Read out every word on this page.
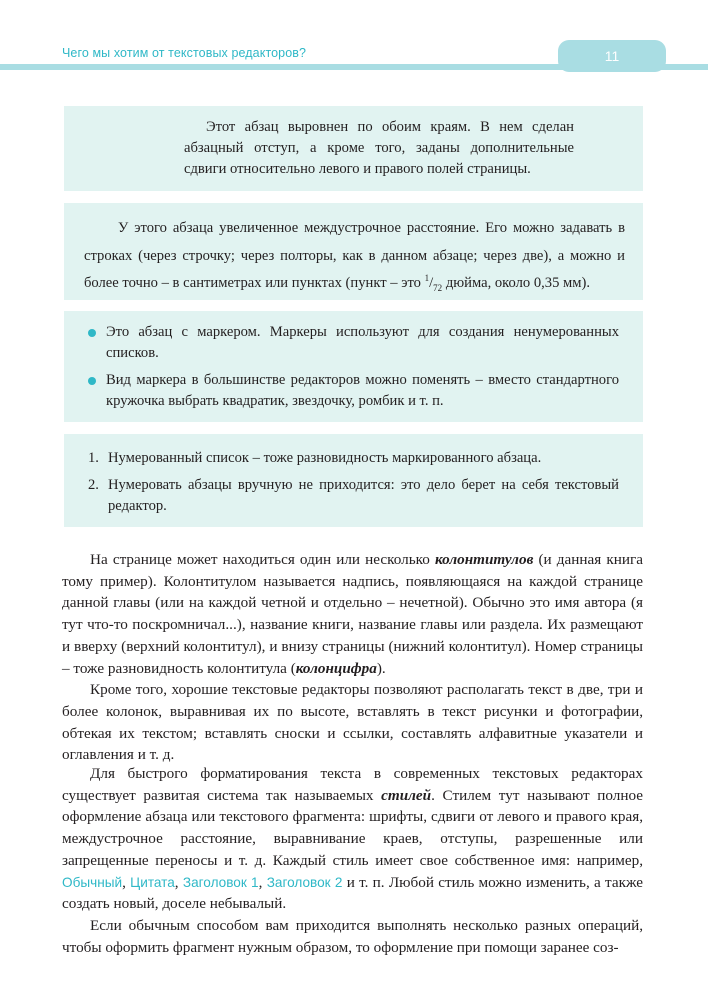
Чего мы хотим от текстовых редакторов?	11

Этот абзац выровнен по обоим краям. В нем сделан абзацный отступ, а кроме того, заданы дополнительные сдвиги относительно левого и правого полей страницы.

У этого абзаца увеличенное междустрочное расстояние. Его можно задавать в строках (через строчку; через полторы, как в данном абзаце; через две), а можно и более точно – в сантиметрах или пунктах (пункт – это $^1/_{72}$ дюйма, около 0,35 мм).

Это абзац с маркером. Маркеры используют для создания ненумерованных списков.
Вид маркера в большинстве редакторов можно поменять – вместо стандартного кружочка выбрать квадратик, звездочку, ромбик и т. п.
1. Нумерованный список – тоже разновидность маркированного абзаца.
2. Нумеровать абзацы вручную не приходится: это дело берет на себя текстовый редактор.

На странице может находиться один или несколько колонтитулов (и данная книга тому пример). Колонтитулом называется надпись, появляющаяся на каждой странице данной главы (или на каждой четной и отдельно – нечетной). Обычно это имя автора (я тут что-то поскромничал...), название книги, название главы или раздела. Их размещают и вверху (верхний колонтитул), и внизу страницы (нижний колонтитул). Номер страницы – тоже разновидность колонтитула (колонцифра).

Кроме того, хорошие текстовые редакторы позволяют располагать текст в две, три и более колонок, выравнивая их по высоте, вставлять в текст рисунки и фотографии, обтекая их текстом; вставлять сноски и ссылки, составлять алфавитные указатели и оглавления и т. д.

Для быстрого форматирования текста в современных текстовых редакторах существует развитая система так называемых стилей. Стилем тут называют полное оформление абзаца или текстового фрагмента: шрифты, сдвиги от левого и правого края, междустрочное расстояние, выравнивание краев, отступы, разрешенные или запрещенные переносы и т. д. Каждый стиль имеет свое собственное имя: например, Обычный, Цитата, Заголовок 1, Заголовок 2 и т. п. Любой стиль можно изменить, а также создать новый, доселе небывалый.

Если обычным способом вам приходится выполнять несколько разных операций, чтобы оформить фрагмент нужным образом, то оформление при помощи заранее соз-
